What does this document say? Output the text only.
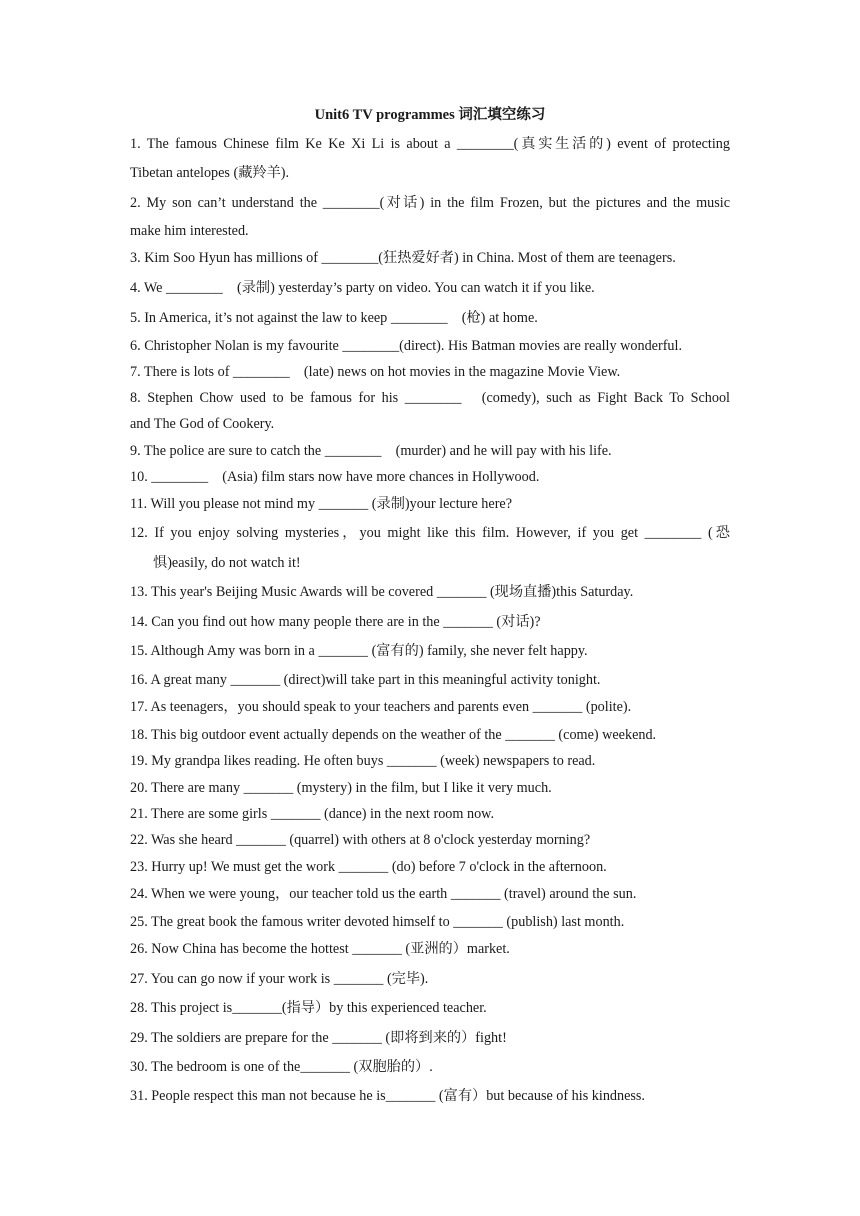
Unit6 TV programmes 词汇填空练习
1. The famous Chinese film Ke Ke Xi Li is about a ________(真实生活的) event of protecting
Tibetan antelopes (藏羚羊).
2. My son can’t understand the ________(对话) in the film Frozen, but the pictures and the music
make him interested.
3. Kim Soo Hyun has millions of ________(狂热爱好者) in China. Most of them are teenagers.
4. We ________　(录制) yesterday’s party on video. You can watch it if you like.
5. In America, it’s not against the law to keep ________　(枪) at home.
6. Christopher Nolan is my favourite ________(direct). His Batman movies are really wonderful.
7. There is lots of ________　(late) news on hot movies in the magazine Movie View.
8. Stephen Chow used to be famous for his ________　(comedy), such as Fight Back To School
and The God of Cookery.
9. The police are sure to catch the ________　(murder) and he will pay with his life.
10. ________　(Asia) film stars now have more chances in Hollywood.
11. Will you please not mind my _______ (录制)your lecture here?
12. If you enjoy solving mysteries，you might like this film. However, if you get ________ (恐
惧)easily, do not watch it!
13. This year's Beijing Music Awards will be covered _______ (现场直播)this Saturday.
14. Can you find out how many people there are in the _______ (对话)?
15. Although Amy was born in a _______ (富有的) family, she never felt happy.
16. A great many _______ (direct)will take part in this meaningful activity tonight.
17. As teenagers，you should speak to your teachers and parents even _______ (polite).
18. This big outdoor event actually depends on the weather of the _______ (come) weekend.
19. My grandpa likes reading. He often buys _______ (week) newspapers to read.
20. There are many _______ (mystery) in the film, but I like it very much.
21. There are some girls _______ (dance) in the next room now.
22. Was she heard _______ (quarrel) with others at 8 o'clock yesterday morning?
23. Hurry up! We must get the work _______ (do) before 7 o'clock in the afternoon.
24. When we were young，our teacher told us the earth _______ (travel) around the sun.
25. The great book the famous writer devoted himself to _______ (publish) last month.
26. Now China has become the hottest _______ (亚洲的）market.
27. You can go now if your work is _______ (完毕).
28. This project is_______(指导）by this experienced teacher.
29. The soldiers are prepare for the _______ (即将到来的）fight!
30. The bedroom is one of the_______ (双胞胎的）.
31. People respect this man not because he is_______ (富有）but because of his kindness.
